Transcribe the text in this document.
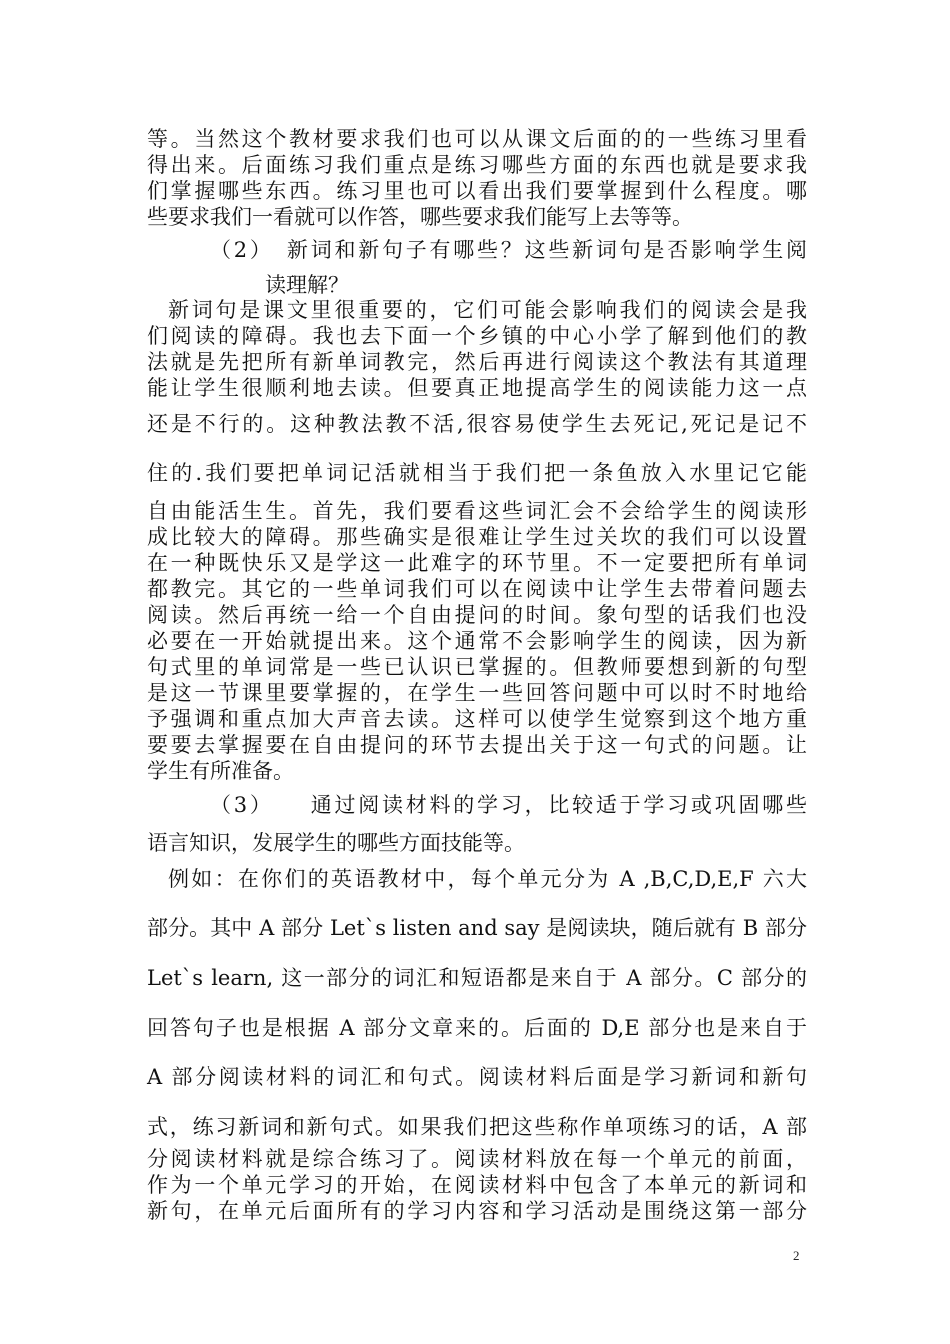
等。当然这个教材要求我们也可以从课文后面的的一些练习里看
得出来。后面练习我们重点是练习哪些方面的东西也就是要求我
们掌握哪些东西。练习里也可以看出我们要掌握到什么程度。哪
些要求我们一看就可以作答，哪些要求我们能写上去等等。
（2）　新词和新句子有哪些？这些新词句是否影响学生阅
读理解？
新词句是课文里很重要的，它们可能会影响我们的阅读会是我
们阅读的障碍。我也去下面一个乡镇的中心小学了解到他们的教
法就是先把所有新单词教完，然后再进行阅读这个教法有其道理
能让学生很顺利地去读。但要真正地提高学生的阅读能力这一点
还是不行的。这种教法教不活,很容易使学生去死记,死记是记不
住的.我们要把单词记活就相当于我们把一条鱼放入水里记它能
自由能活生生。首先，我们要看这些词汇会不会给学生的阅读形
成比较大的障碍。那些确实是很难让学生过关坎的我们可以设置
在一种既快乐又是学这一此难字的环节里。不一定要把所有单词
都教完。其它的一些单词我们可以在阅读中让学生去带着问题去
阅读。然后再统一给一个自由提问的时间。象句型的话我们也没
必要在一开始就提出来。这个通常不会影响学生的阅读，因为新
句式里的单词常是一些已认识已掌握的。但教师要想到新的句型
是这一节课里要掌握的，在学生一些回答问题中可以时不时地给
予强调和重点加大声音去读。这样可以使学生觉察到这个地方重
要要去掌握要在自由提问的环节去提出关于这一句式的问题。让
学生有所准备。
（3）　　通过阅读材料的学习，比较适于学习或巩固哪些
语言知识，发展学生的哪些方面技能等。
例如：在你们的英语教材中，每个单元分为 A ,B,C,D,E,F 六大
部分。其中 A 部分 Let`s listen and say 是阅读块，随后就有 B 部分
Let`s learn, 这一部分的词汇和短语都是来自于 A 部分。C 部分的
回答句子也是根据 A 部分文章来的。后面的 D,E 部分也是来自于
A 部分阅读材料的词汇和句式。阅读材料后面是学习新词和新句
式，练习新词和新句式。如果我们把这些称作单项练习的话，A 部
分阅读材料就是综合练习了。阅读材料放在每一个单元的前面，
作为一个单元学习的开始，在阅读材料中包含了本单元的新词和
新句，在单元后面所有的学习内容和学习活动是围绕这第一部分
2
